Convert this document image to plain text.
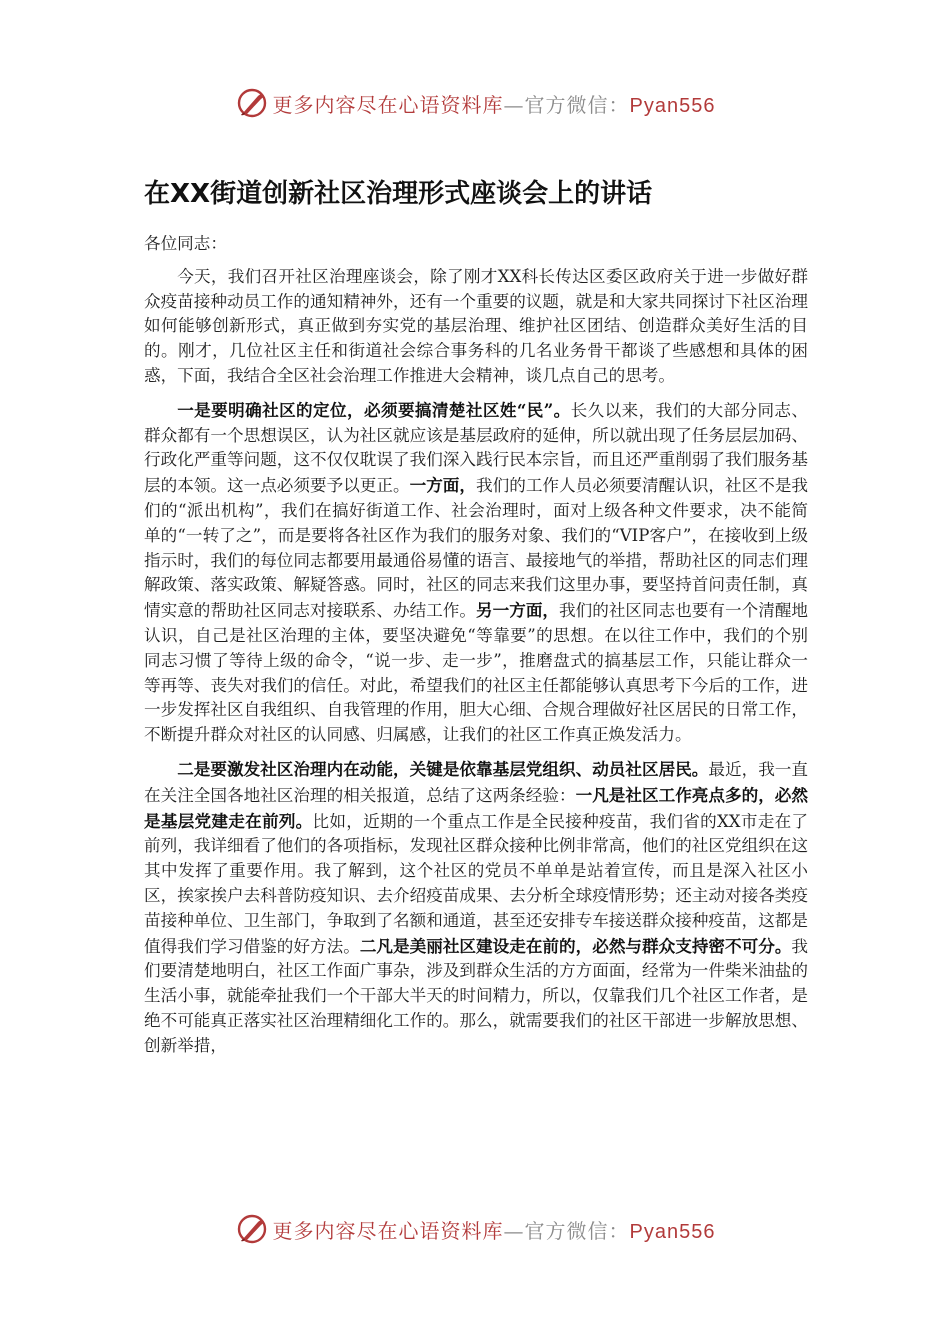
更多内容尽在心语资料库—官方微信：Pyan556
在XX街道创新社区治理形式座谈会上的讲话

各位同志：

今天，我们召开社区治理座谈会，除了刚才XX科长传达区委区政府关于进一步做好群众疫苗接种动员工作的通知精神外，还有一个重要的议题，就是和大家共同探讨下社区治理如何能够创新形式，真正做到夯实党的基层治理、维护社区团结、创造群众美好生活的目的。刚才，几位社区主任和街道社会综合事务科的几名业务骨干都谈了些感想和具体的困惑，下面，我结合全区社会治理工作推进大会精神，谈几点自己的思考。

一是要明确社区的定位，必须要搞清楚社区姓“民”。长久以来，我们的大部分同志、群众都有一个思想误区，认为社区就应该是基层政府的延伸，所以就出现了任务层层加码、行政化严重等问题，这不仅仅耽误了我们深入践行民本宗旨，而且还严重削弱了我们服务基层的本领。这一点必须要予以更正。一方面，我们的工作人员必须要清醒认识，社区不是我们的“派出机构”，我们在搞好街道工作、社会治理时，面对上级各种文件要求，决不能简单的“一转了之”，而是要将各社区作为我们的服务对象、我们的“VIP客户”，在接收到上级指示时，我们的每位同志都要用最通俗易懂的语言、最接地气的举措，帮助社区的同志们理解政策、落实政策、解疑答惑。同时，社区的同志来我们这里办事，要坚持首问责任制，真情实意的帮助社区同志对接联系、办结工作。另一方面，我们的社区同志也要有一个清醒地认识，自己是社区治理的主体，要坚决避免“等靠要”的思想。在以往工作中，我们的个别同志习惯了等待上级的命令，“说一步、走一步”，推磨盘式的搞基层工作，只能让群众一等再等、丧失对我们的信任。对此，希望我们的社区主任都能够认真思考下今后的工作，进一步发挥社区自我组织、自我管理的作用，胆大心细、合规合理做好社区居民的日常工作，不断提升群众对社区的认同感、归属感，让我们的社区工作真正焕发活力。

二是要激发社区治理内在动能，关键是依靠基层党组织、动员社区居民。最近，我一直在关注全国各地社区治理的相关报道，总结了这两条经验：一凡是社区工作亮点多的，必然是基层党建走在前列。比如，近期的一个重点工作是全民接种疫苗，我们省的XX市走在了前列，我详细看了他们的各项指标，发现社区群众接种比例非常高，他们的社区党组织在这其中发挥了重要作用。我了解到，这个社区的党员不单单是站着宣传，而且是深入社区小区，挨家挨户去科普防疫知识、去介绍疫苗成果、去分析全球疫情形势；还主动对接各类疫苗接种单位、卫生部门，争取到了名额和通道，甚至还安排专车接送群众接种疫苗，这都是值得我们学习借鉴的好方法。二凡是美丽社区建设走在前的，必然与群众支持密不可分。我们要清楚地明白，社区工作面广事杂，涉及到群众生活的方方面面，经常为一件柴米油盐的生活小事，就能牵扯我们一个干部大半天的时间精力，所以，仅靠我们几个社区工作者，是绝不可能真正落实社区治理精细化工作的。那么，就需要我们的社区干部进一步解放思想、创新举措，

更多内容尽在心语资料库—官方微信：Pyan556
